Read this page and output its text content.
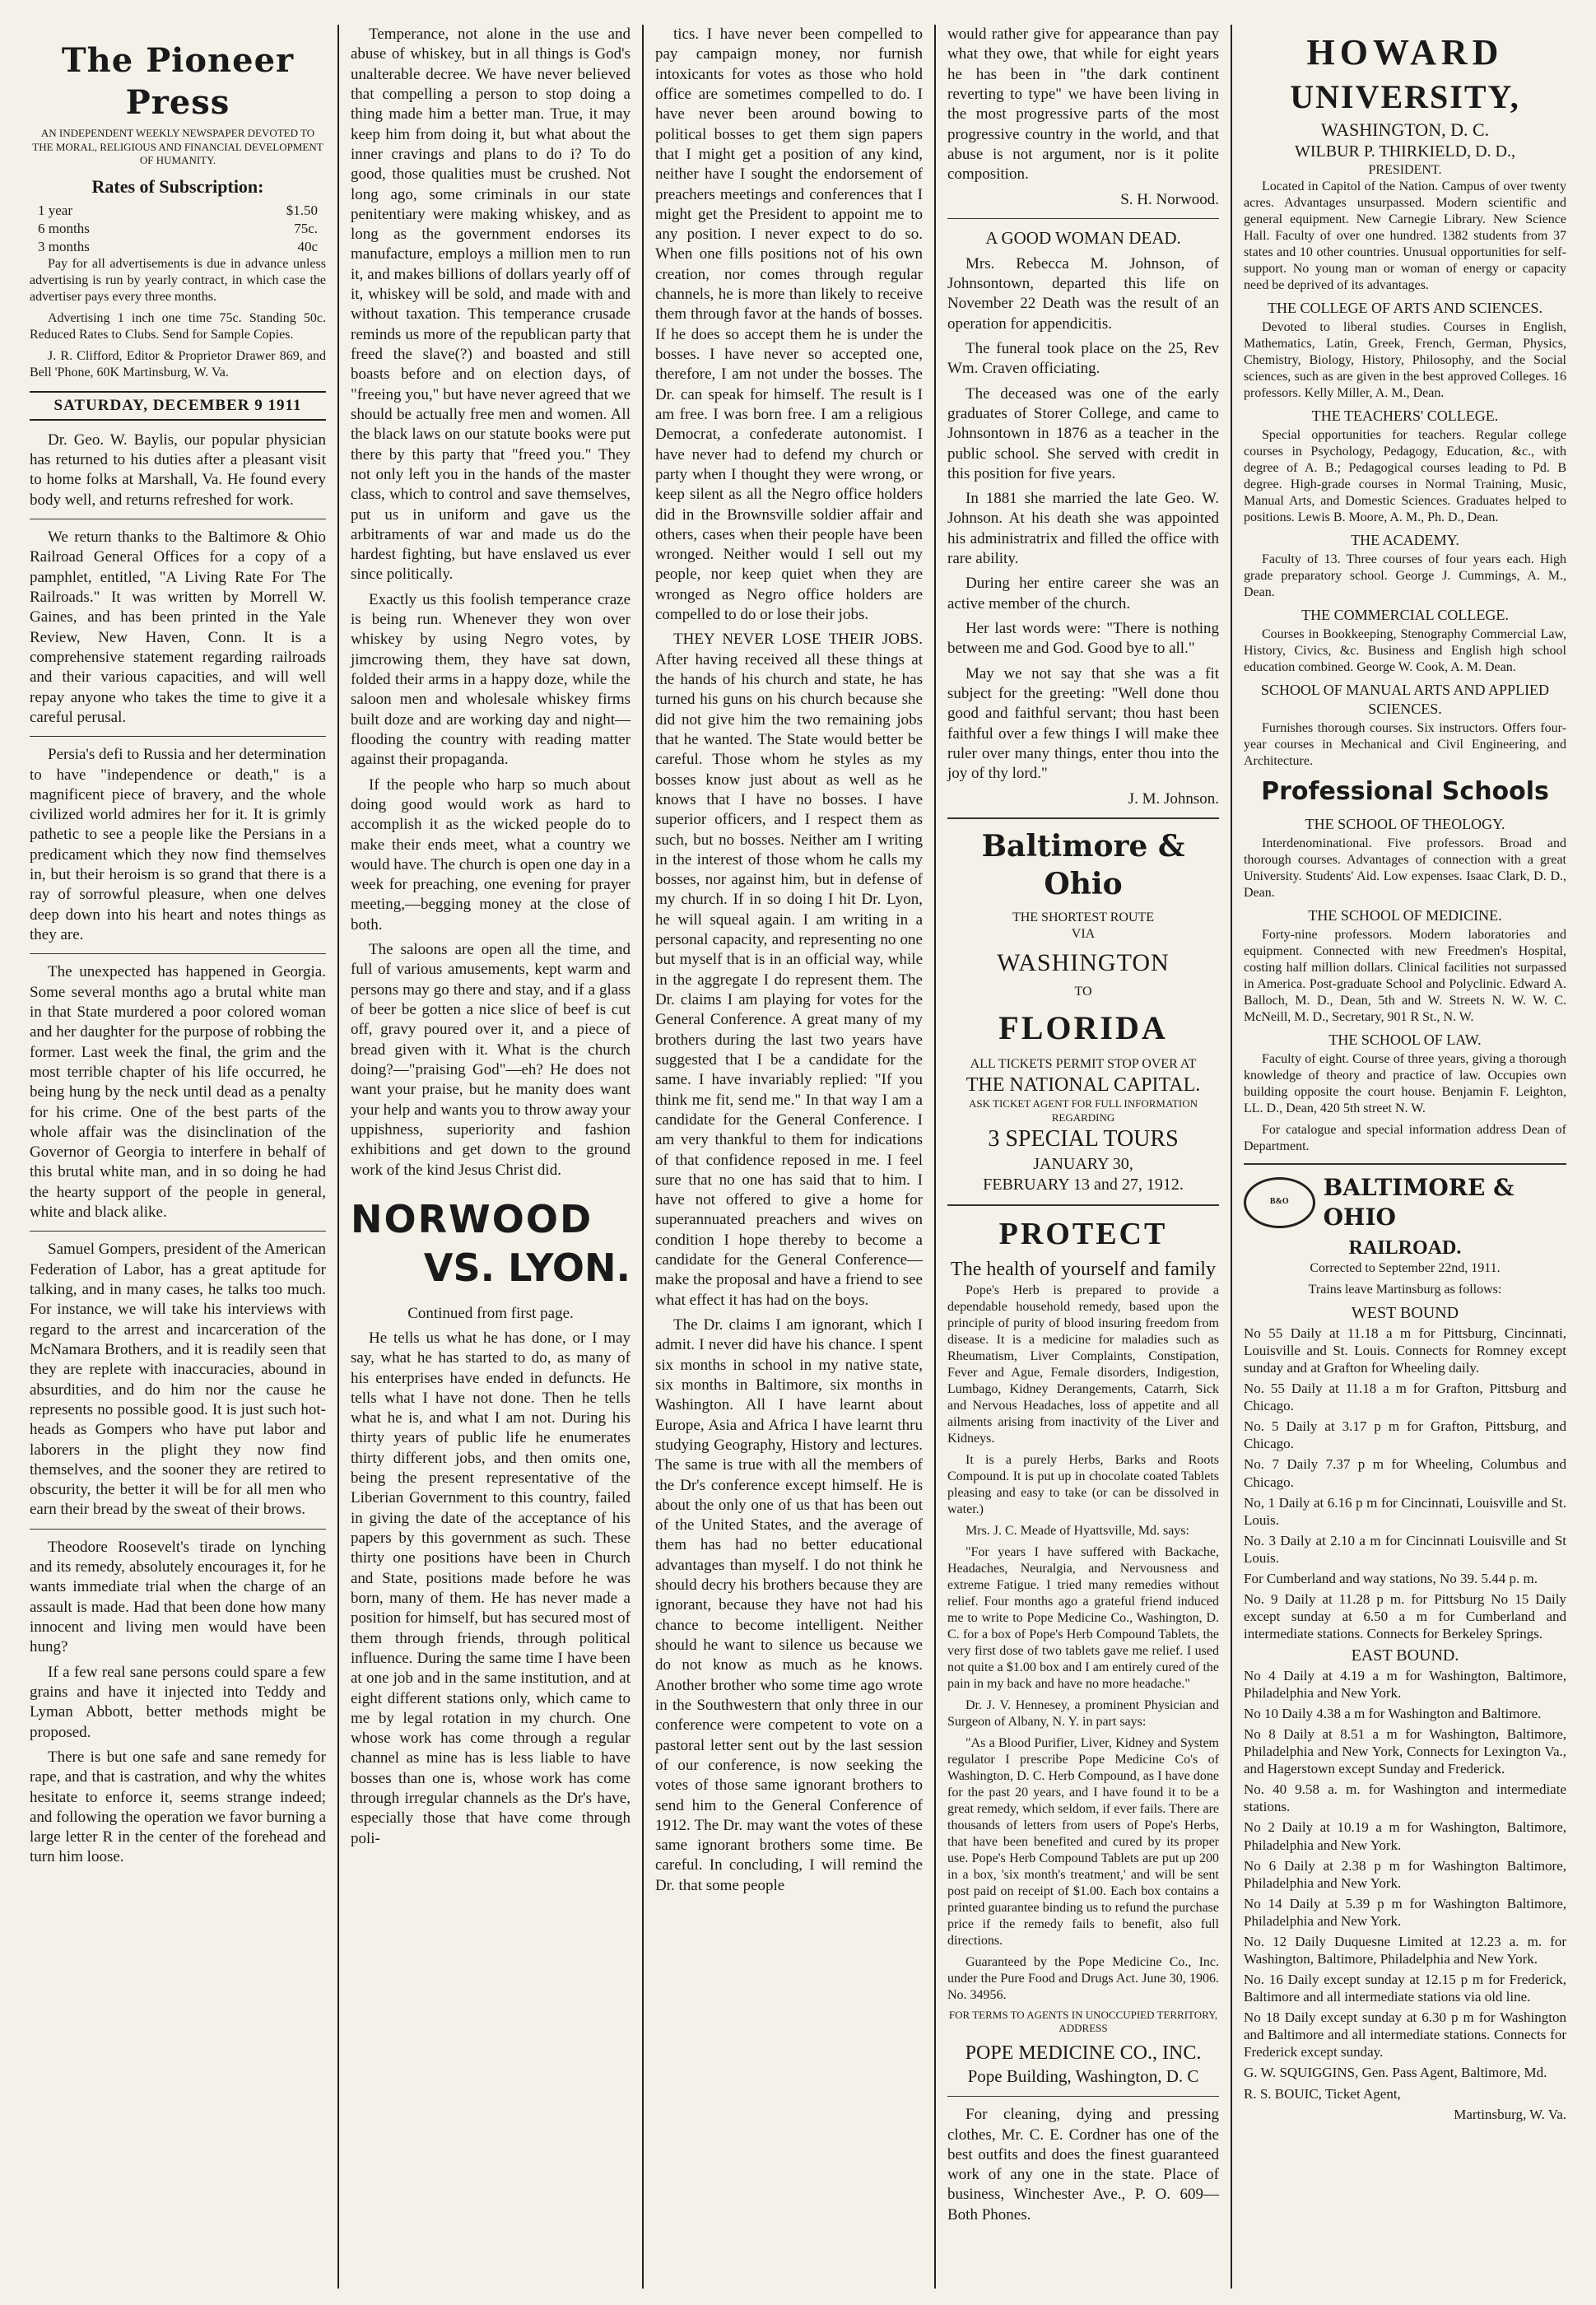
The Pioneer Press
AN INDEPENDENT WEEKLY NEWSPAPER DEVOTED TO THE MORAL, RELIGIOUS AND FINANCIAL DEVELOPMENT OF HUMANITY.
Rates of Subscription:
1 year	$1.50
6 months	75c.
3 months	40c

Pay for all advertisements is due in advance unless advertising is run by yearly contract, in which case the advertiser pays every three months.

Advertising 1 inch one time 75c. Standing 50c. Reduced Rates to Clubs. Send for Sample Copies.

J. R. Clifford, Editor & Proprietor Drawer 869, and Bell 'Phone, 60K Martinsburg, W. Va.

SATURDAY, DECEMBER 9 1911

Dr. Geo. W. Baylis, our popular physician has returned to his duties after a pleasant visit to home folks at Marshall, Va. He found every body well, and returns refreshed for work.

We return thanks to the Baltimore & Ohio Railroad General Offices for a copy of a pamphlet, entitled, "A Living Rate For The Railroads." It was written by Morrell W. Gaines, and has been printed in the Yale Review, New Haven, Conn. It is a comprehensive statement regarding railroads and their various capacities, and will well repay anyone who takes the time to give it a careful perusal.

Persia's defi to Russia and her determination to have "independence or death," is a magnificent piece of bravery, and the whole civilized world admires her for it. It is grimly pathetic to see a people like the Persians in a predicament which they now find themselves in, but their heroism is so grand that there is a ray of sorrowful pleasure, when one delves deep down into his heart and notes things as they are.

The unexpected has happened in Georgia. Some several months ago a brutal white man in that State murdered a poor colored woman and her daughter for the purpose of robbing the former. Last week the final, the grim and the most terrible chapter of his life occurred, he being hung by the neck until dead as a penalty for his crime. One of the best parts of the whole affair was the disinclination of the Governor of Georgia to interfere in behalf of this brutal white man, and in so doing he had the hearty support of the people in general, white and black alike.

Samuel Gompers, president of the American Federation of Labor, has a great aptitude for talking, and in many cases, he talks too much. For instance, we will take his interviews with regard to the arrest and incarceration of the McNamara Brothers, and it is readily seen that they are replete with inaccuracies, abound in absurdities, and do him nor the cause he represents no possible good. It is just such hot-heads as Gompers who have put labor and laborers in the plight they now find themselves, and the sooner they are retired to obscurity, the better it will be for all men who earn their bread by the sweat of their brows.

Theodore Roosevelt's tirade on lynching and its remedy, absolutely encourages it, for he wants immediate trial when the charge of an assault is made. Had that been done how many innocent and living men would have been hung?

If a few real sane persons could spare a few grains and have it injected into Teddy and Lyman Abbott, better methods might be proposed.

There is but one safe and sane remedy for rape, and that is castration, and why the whites hesitate to enforce it, seems strange indeed; and following the operation we favor burning a large letter R in the center of the forehead and turn him loose.

Temperance, not alone in the use and abuse of whiskey, but in all things is God's unalterable decree. We have never believed that compelling a person to stop doing a thing made him a better man. True, it may keep him from doing it, but what about the inner cravings and plans to do i? To do good, those qualities must be crushed. Not long ago, some criminals in our state penitentiary were making whiskey, and as long as the government endorses its manufacture, employs a million men to run it, and makes billions of dollars yearly off of it, whiskey will be sold, and made with and without taxation. This temperance crusade reminds us more of the republican party that freed the slave(?) and boasted and still boasts before and on election days, of "freeing you," but have never agreed that we should be actually free men and women. All the black laws on our statute books were put there by this party that "freed you." They not only left you in the hands of the master class, which to control and save themselves, put us in uniform and gave us the arbitraments of war and made us do the hardest fighting, but have enslaved us ever since politically.

Exactly us this foolish temperance craze is being run. Whenever they won over whiskey by using Negro votes, by jimcrowing them, they have sat down, folded their arms in a happy doze, while the saloon men and wholesale whiskey firms built doze and are working day and night—flooding the country with reading matter against their propaganda.

If the people who harp so much about doing good would work as hard to accomplish it as the wicked people do to make their ends meet, what a country we would have. The church is open one day in a week for preaching, one evening for prayer meeting,—begging money at the close of both.

The saloons are open all the time, and full of various amusements, kept warm and persons may go there and stay, and if a glass of beer be gotten a nice slice of beef is cut off, gravy poured over it, and a piece of bread given with it. What is the church doing?—"praising God"—eh? He does not want your praise, but he manity does want your help and wants you to throw away your uppishness, superiority and fashion exhibitions and get down to the ground work of the kind Jesus Christ did.

NORWOOD
VS. LYON.

Continued from first page.

He tells us what he has done, or I may say, what he has started to do, as many of his enterprises have ended in defuncts. He tells what I have not done. Then he tells what he is, and what I am not. During his thirty years of public life he enumerates thirty different jobs, and then omits one, being the present representative of the Liberian Government to this country, failed in giving the date of the acceptance of his papers by this government as such. These thirty one positions have been in Church and State, positions made before he was born, many of them. He has never made a position for himself, but has secured most of them through friends, through political influence. During the same time I have been at one job and in the same institution, and at eight different stations only, which came to me by legal rotation in my church. One whose work has come through a regular channel as mine has is less liable to have bosses than one is, whose work has come through irregular channels as the Dr's have, especially those that have come through poli-

tics. I have never been compelled to pay campaign money, nor furnish intoxicants for votes as those who hold office are sometimes compelled to do. I have never been around bowing to political bosses to get them sign papers that I might get a position of any kind, neither have I sought the endorsement of preachers meetings and conferences that I might get the President to appoint me to any position. I never expect to do so. When one fills positions not of his own creation, nor comes through regular channels, he is more than likely to receive them through favor at the hands of bosses. If he does so accept them he is under the bosses. I have never so accepted one, therefore, I am not under the bosses. The Dr. can speak for himself. The result is I am free. I was born free. I am a religious Democrat, a confederate autonomist. I have never had to defend my church or party when I thought they were wrong, or keep silent as all the Negro office holders did in the Brownsville soldier affair and others, cases when their people have been wronged. Neither would I sell out my people, nor keep quiet when they are wronged as Negro office holders are compelled to do or lose their jobs.

THEY NEVER LOSE THEIR JOBS. After having received all these things at the hands of his church and state, he has turned his guns on his church because she did not give him the two remaining jobs that he wanted. The State would better be careful. Those whom he styles as my bosses know just about as well as he knows that I have no bosses. I have superior officers, and I respect them as such, but no bosses. Neither am I writing in the interest of those whom he calls my bosses, nor against him, but in defense of my church. If in so doing I hit Dr. Lyon, he will squeal again. I am writing in a personal capacity, and representing no one but myself that is in an official way, while in the aggregate I do represent them. The Dr. claims I am playing for votes for the General Conference. A great many of my brothers during the last two years have suggested that I be a candidate for the same. I have invariably replied: "If you think me fit, send me." In that way I am a candidate for the General Conference. I am very thankful to them for indications of that confidence reposed in me. I feel sure that no one has said that to him. I have not offered to give a home for superannuated preachers and wives on condition I hope thereby to become a candidate for the General Conference—make the proposal and have a friend to see what effect it has had on the boys.

The Dr. claims I am ignorant, which I admit. I never did have his chance. I spent six months in school in my native state, six months in Baltimore, six months in Washington. All I have learnt about Europe, Asia and Africa I have learnt thru studying Geography, History and lectures. The same is true with all the members of the Dr's conference except himself. He is about the only one of us that has been out of the United States, and the average of them has had no better educational advantages than myself. I do not think he should decry his brothers because they are ignorant, because they have not had his chance to become intelligent. Neither should he want to silence us because we do not know as much as he knows. Another brother who some time ago wrote in the Southwestern that only three in our conference were competent to vote on a pastoral letter sent out by the last session of our conference, is now seeking the votes of those same ignorant brothers to send him to the General Conference of 1912. The Dr. may want the votes of these same ignorant brothers some time. Be careful. In concluding, I will remind the Dr. that some people

would rather give for appearance than pay what they owe, that while for eight years he has been in "the dark continent reverting to type" we have been living in the most progressive parts of the most progressive country in the world, and that abuse is not argument, nor is it polite composition.

S. H. Norwood.

A GOOD WOMAN DEAD.

Mrs. Rebecca M. Johnson, of Johnsontown, departed this life on November 22 Death was the result of an operation for appendicitis.

The funeral took place on the 25, Rev Wm. Craven officiating.

The deceased was one of the early graduates of Storer College, and came to Johnsontown in 1876 as a teacher in the public school. She served with credit in this position for five years.

In 1881 she married the late Geo. W. Johnson. At his death she was appointed his administratrix and filled the office with rare ability.

During her entire career she was an active member of the church.

Her last words were: "There is nothing between me and God. Good bye to all."

May we not say that she was a fit subject for the greeting: "Well done thou good and faithful servant; thou hast been faithful over a few things I will make thee ruler over many things, enter thou into the joy of thy lord."

J. M. Johnson.

Baltimore & Ohio
THE SHORTEST ROUTE
VIA
WASHINGTON
TO
FLORIDA
ALL TICKETS PERMIT STOP OVER AT
THE NATIONAL CAPITAL.
ASK TICKET AGENT FOR FULL INFORMATION REGARDING
3 SPECIAL TOURS
JANUARY 30,
FEBRUARY 13 and 27, 1912.
PROTECT
The health of yourself and family

Pope's Herb is prepared to provide a dependable household remedy, based upon the principle of purity of blood insuring freedom from disease. It is a medicine for maladies such as Rheumatism, Liver Complaints, Constipation, Fever and Ague, Female disorders, Indigestion, Lumbago, Kidney Derangements, Catarrh, Sick and Nervous Headaches, loss of appetite and all ailments arising from inactivity of the Liver and Kidneys.

It is a purely Herbs, Barks and Roots Compound. It is put up in chocolate coated Tablets pleasing and easy to take (or can be dissolved in water.)

Mrs. J. C. Meade of Hyattsville, Md. says:

"For years I have suffered with Backache, Headaches, Neuralgia, and Nervousness and extreme Fatigue. I tried many remedies without relief. Four months ago a grateful friend induced me to write to Pope Medicine Co., Washington, D. C. for a box of Pope's Herb Compound Tablets, the very first dose of two tablets gave me relief. I used not quite a $1.00 box and I am entirely cured of the pain in my back and have no more headache."

Dr. J. V. Hennesey, a prominent Physician and Surgeon of Albany, N. Y. in part says:

"As a Blood Purifier, Liver, Kidney and System regulator I prescribe Pope Medicine Co's of Washington, D. C. Herb Compound, as I have done for the past 20 years, and I have found it to be a great remedy, which seldom, if ever fails. There are thousands of letters from users of Pope's Herbs, that have been benefited and cured by its proper use. Pope's Herb Compound Tablets are put up 200 in a box, 'six month's treatment,' and will be sent post paid on receipt of $1.00. Each box contains a printed guarantee binding us to refund the purchase price if the remedy fails to benefit, also full directions.

Guaranteed by the Pope Medicine Co., Inc. under the Pure Food and Drugs Act. June 30, 1906. No. 34956.

FOR TERMS TO AGENTS IN UNOCCUPIED TERRITORY, ADDRESS

POPE MEDICINE CO., INC.
Pope Building, Washington, D. C

For cleaning, dying and pressing clothes, Mr. C. E. Cordner has one of the best outfits and does the finest guaranteed work of any one in the state. Place of business, Winchester Ave., P. O. 609—Both Phones.

HOWARD
UNIVERSITY,
WASHINGTON, D. C.
WILBUR P. THIRKIELD, D. D.,
PRESIDENT.

Located in Capitol of the Nation. Campus of over twenty acres. Advantages unsurpassed. Modern scientific and general equipment. New Carnegie Library. New Science Hall. Faculty of over one hundred. 1382 students from 37 states and 10 other countries. Unusual opportunities for self-support. No young man or woman of energy or capacity need be deprived of its advantages.

THE COLLEGE OF ARTS AND SCIENCES.

Devoted to liberal studies. Courses in English, Mathematics, Latin, Greek, French, German, Physics, Chemistry, Biology, History, Philosophy, and the Social sciences, such as are given in the best approved Colleges. 16 professors. Kelly Miller, A. M., Dean.

THE TEACHERS' COLLEGE.

Special opportunities for teachers. Regular college courses in Psychology, Pedagogy, Education, &c., with degree of A. B.; Pedagogical courses leading to Pd. B degree. High-grade courses in Normal Training, Music, Manual Arts, and Domestic Sciences. Graduates helped to positions. Lewis B. Moore, A. M., Ph. D., Dean.

THE ACADEMY.

Faculty of 13. Three courses of four years each. High grade preparatory school. George J. Cummings, A. M., Dean.

THE COMMERCIAL COLLEGE.

Courses in Bookkeeping, Stenography Commercial Law, History, Civics, &c. Business and English high school education combined. George W. Cook, A. M. Dean.

SCHOOL OF MANUAL ARTS AND APPLIED SCIENCES.

Furnishes thorough courses. Six instructors. Offers four-year courses in Mechanical and Civil Engineering, and Architecture.

Professional Schools
THE SCHOOL OF THEOLOGY.

Interdenominational. Five professors. Broad and thorough courses. Advantages of connection with a great University. Students' Aid. Low expenses. Isaac Clark, D. D., Dean.

THE SCHOOL OF MEDICINE.

Forty-nine professors. Modern laboratories and equipment. Connected with new Freedmen's Hospital, costing half million dollars. Clinical facilities not surpassed in America. Post-graduate School and Polyclinic. Edward A. Balloch, M. D., Dean, 5th and W. Streets N. W. W. C. McNeill, M. D., Secretary, 901 R St., N. W.

THE SCHOOL OF LAW.

Faculty of eight. Course of three years, giving a thorough knowledge of theory and practice of law. Occupies own building opposite the court house. Benjamin F. Leighton, LL. D., Dean, 420 5th street N. W.

For catalogue and special information address Dean of Department.

B&O
BALTIMORE & OHIO
RAILROAD.

Corrected to September 22nd, 1911.

Trains leave Martinsburg as follows:

WEST BOUND

No 55 Daily at 11.18 a m for Pittsburg, Cincinnati, Louisville and St. Louis. Connects for Romney except sunday and at Grafton for Wheeling daily.

No. 55 Daily at 11.18 a m for Grafton, Pittsburg and Chicago.

No. 5 Daily at 3.17 p m for Grafton, Pittsburg, and Chicago.

No. 7 Daily 7.37 p m for Wheeling, Columbus and Chicago.

No, 1 Daily at 6.16 p m for Cincinnati, Louisville and St. Louis.

No. 3 Daily at 2.10 a m for Cincinnati Louisville and St Louis.

For Cumberland and way stations, No 39. 5.44 p. m.

No. 9 Daily at 11.28 p m. for Pittsburg No 15 Daily except sunday at 6.50 a m for Cumberland and intermediate stations. Connects for Berkeley Springs.

EAST BOUND.

No 4 Daily at 4.19 a m for Washington, Baltimore, Philadelphia and New York.

No 10 Daily 4.38 a m for Washington and Baltimore.

No 8 Daily at 8.51 a m for Washington, Baltimore, Philadelphia and New York, Connects for Lexington Va., and Hagerstown except Sunday and Frederick.

No. 40 9.58 a. m. for Washington and intermediate stations.

No 2 Daily at 10.19 a m for Washington, Baltimore, Philadelphia and New York.

No 6 Daily at 2.38 p m for Washington Baltimore, Philadelphia and New York.

No 14 Daily at 5.39 p m for Washington Baltimore, Philadelphia and New York.

No. 12 Daily Duquesne Limited at 12.23 a. m. for Washington, Baltimore, Philadelphia and New York.

No. 16 Daily except sunday at 12.15 p m for Frederick, Baltimore and all intermediate stations via old line.

No 18 Daily except sunday at 6.30 p m for Washington and Baltimore and all intermediate stations. Connects for Frederick except sunday.

G. W. SQUIGGINS, Gen. Pass Agent, Baltimore, Md.

R. S. BOUIC, Ticket Agent,

Martinsburg, W. Va.
